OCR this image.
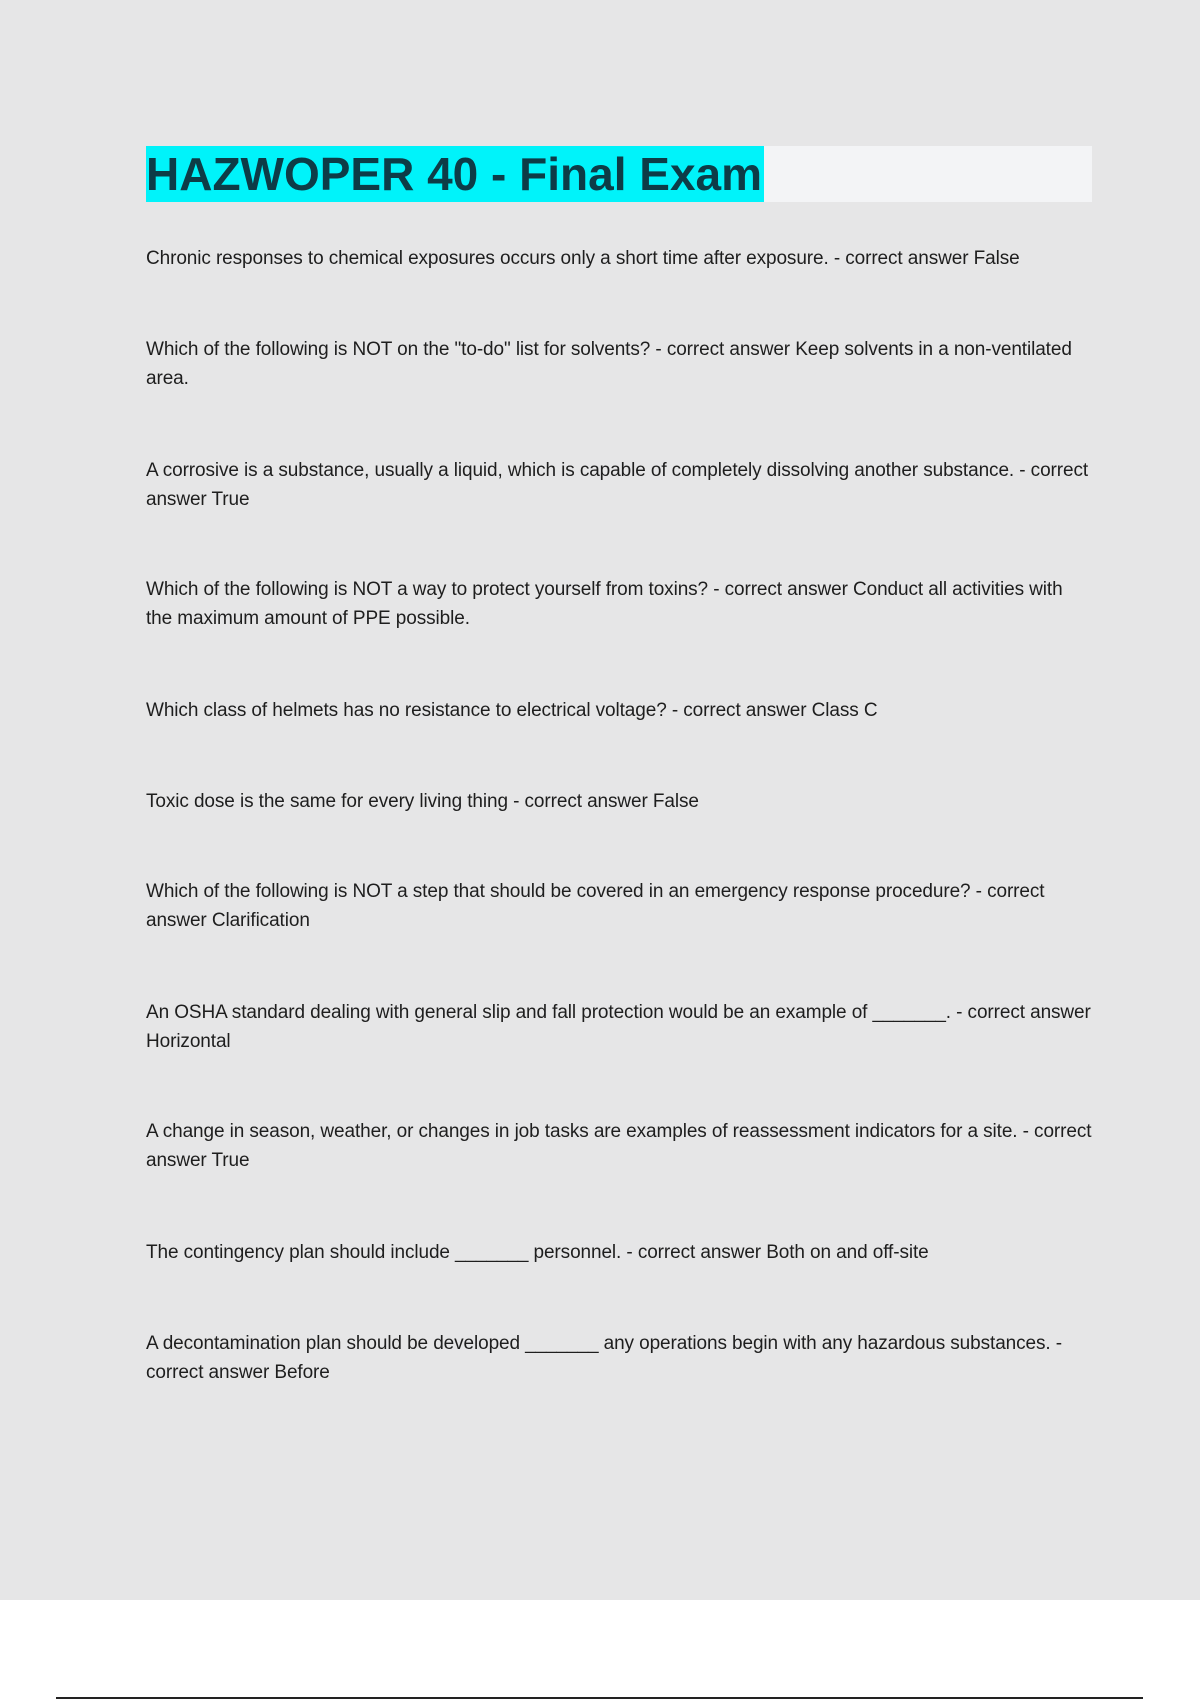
HAZWOPER 40 - Final Exam

Chronic responses to chemical exposures occurs only a short time after exposure. - correct answer False

Which of the following is NOT on the "to-do" list for solvents? - correct answer Keep solvents in a non-ventilated area.

A corrosive is a substance, usually a liquid, which is capable of completely dissolving another substance. - correct answer True

Which of the following is NOT a way to protect yourself from toxins? - correct answer Conduct all activities with the maximum amount of PPE possible.

Which class of helmets has no resistance to electrical voltage? - correct answer Class C

Toxic dose is the same for every living thing - correct answer False

Which of the following is NOT a step that should be covered in an emergency response procedure? - correct answer Clarification

An OSHA standard dealing with general slip and fall protection would be an example of _______. - correct answer Horizontal

A change in season, weather, or changes in job tasks are examples of reassessment indicators for a site. - correct answer True

The contingency plan should include _______ personnel. - correct answer Both on and off-site

A decontamination plan should be developed _______ any operations begin with any hazardous substances. - correct answer Before
